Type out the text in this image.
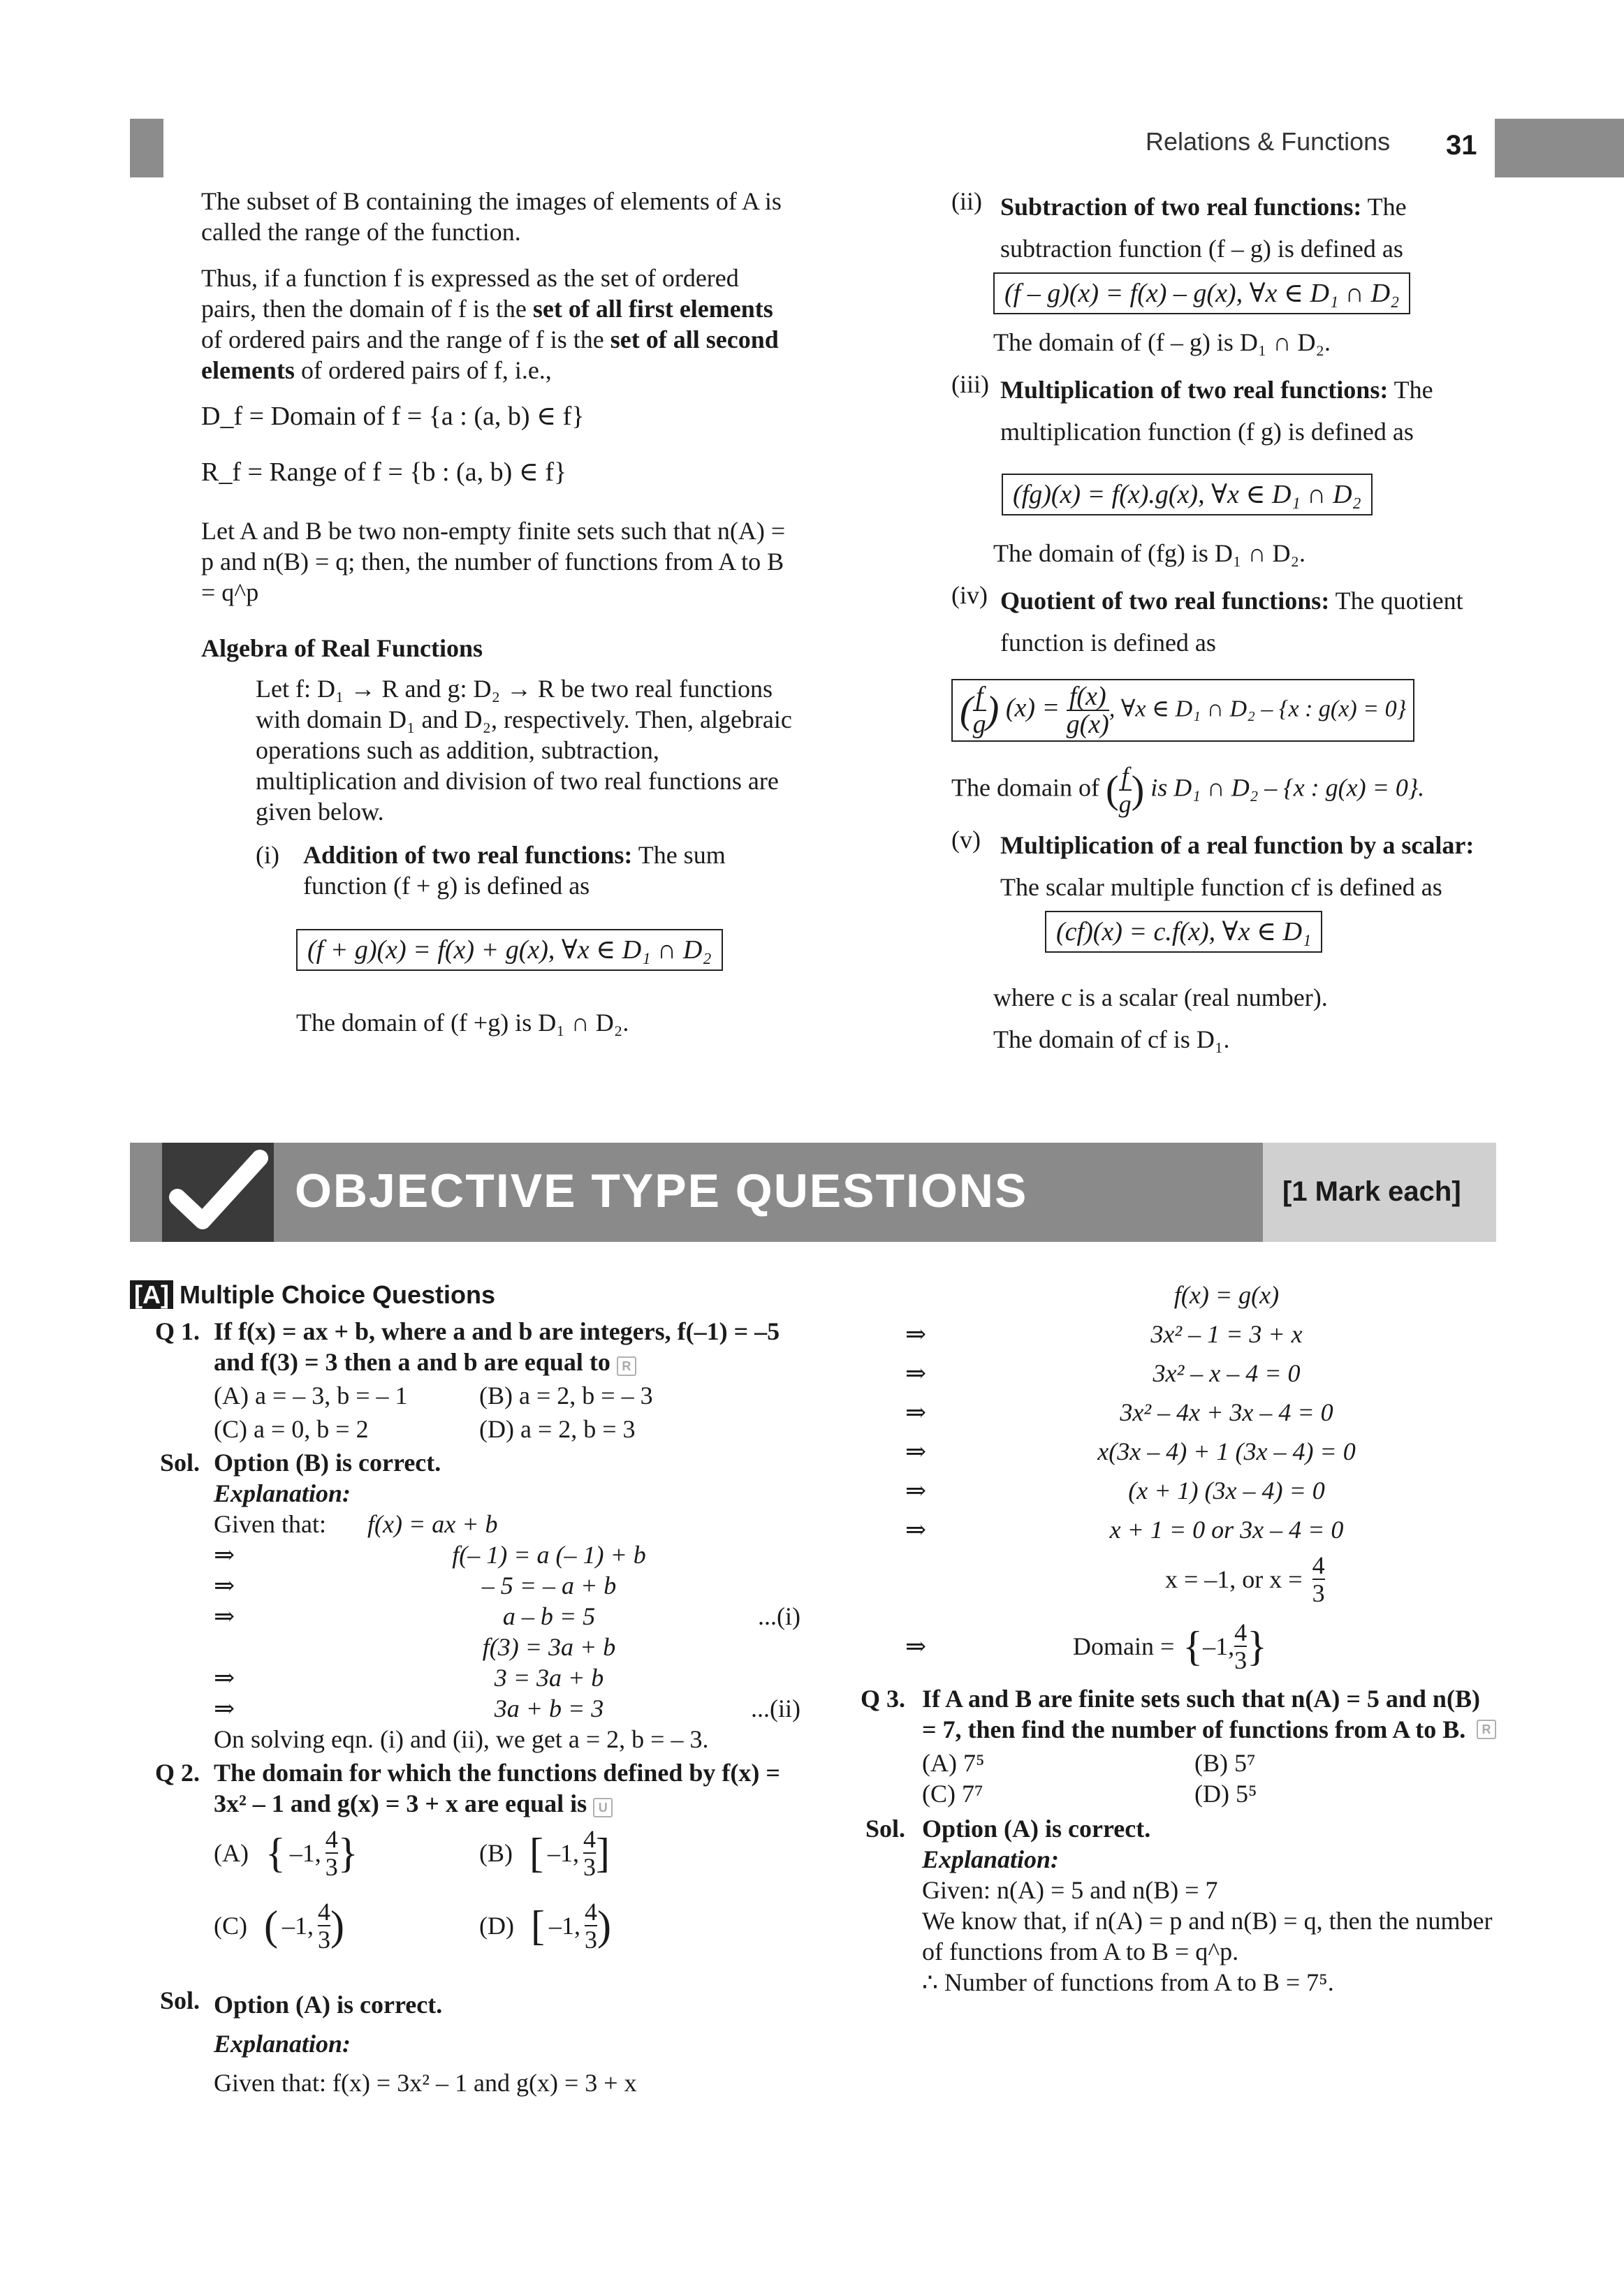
Relations & Functions 31

The subset of B containing the images of elements of A is called the range of the function.

Thus, if a function f is expressed as the set of ordered pairs, then the domain of f is the set of all first elements of ordered pairs and the range of f is the set of all second elements of ordered pairs of f, i.e.,

D_f = Domain of f = {a : (a, b) ∈ f}

R_f = Range of f = {b : (a, b) ∈ f}

Let A and B be two non-empty finite sets such that n(A) = p and n(B) = q; then, the number of functions from A to B = q^p

Algebra of Real Functions

Let f: D₁ → R and g: D₂ → R be two real functions with domain D₁ and D₂, respectively. Then, algebraic operations such as addition, subtraction, multiplication and division of two real functions are given below.

(i) Addition of two real functions: The sum function (f + g) is defined as
(f + g)(x) = f(x) + g(x), ∀x ∈ D₁ ∩ D₂

The domain of (f +g) is D₁ ∩ D₂.

(ii) Subtraction of two real functions: The subtraction function (f – g) is defined as
(f – g)(x) = f(x) – g(x), ∀x ∈ D₁ ∩ D₂

The domain of (f – g) is D₁ ∩ D₂.

(iii) Multiplication of two real functions: The multiplication function (f g) is defined as
(fg)(x) = f(x).g(x), ∀x ∈ D₁ ∩ D₂

The domain of (fg) is D₁ ∩ D₂.

(iv) Quotient of two real functions: The quotient function is defined as
( $\frac{f}{g}$ ) $(x) = \frac{f(x)}{g(x)}$ , ∀x ∈ D₁ ∩ D₂ – {x : g(x) = 0}

The domain of ( $\frac{f}{g}$ ) is D₁ ∩ D₂ – {x : g(x) = 0}.

(v) Multiplication of a real function by a scalar:

The scalar multiple function cf is defined as

(cf)(x) = c.f(x), ∀x ∈ D₁

where c is a scalar (real number).

The domain of cf is D₁.

OBJECTIVE TYPE QUESTIONS	[1 Mark each]
[A] Multiple Choice Questions
Q 1. If f(x) = ax + b, where a and b are integers, f(–1) = –5 and f(3) = 3 then a and b are equal to R

(A) a = – 3, b = – 1	(B) a = 2, b = – 3

(C) a = 0, b = 2	(D) a = 2, b = 3

Sol. Option (B) is correct.

Explanation:

Given that: f(x) = ax + b
⇒	f(– 1) = a (– 1) + b
⇒	– 5 = – a + b
⇒	a – b = 5	...(i)
f(3) = 3a + b
⇒	3 = 3a + b
⇒	3a + b = 3	...(ii)

On solving eqn. (i) and (ii), we get a = 2, b = – 3.

Q 2. The domain for which the functions defined by f(x) = 3x² – 1 and g(x) = 3 + x are equal is U

(A) { –1, $\frac{4}{3}$ }	(B) [ –1, $\frac{4}{3}$ ]
(C) ( –1, $\frac{4}{3}$ )	(D) [ –1, $\frac{4}{3}$ )
Sol. Option (A) is correct.

Explanation:

Given that: f(x) = 3x² – 1 and g(x) = 3 + x

f(x) = g(x)
⇒	3x² – 1 = 3 + x
⇒	3x² – x – 4 = 0
⇒	3x² – 4x + 3x – 4 = 0
⇒	x(3x – 4) + 1 (3x – 4) = 0
⇒	(x + 1) (3x – 4) = 0
⇒	x + 1 = 0 or 3x – 4 = 0
x = –1, or $x = \frac{4}{3}$
⇒	Domain = { –1, $\frac{4}{3}$ }
Q 3. If A and B are finite sets such that n(A) = 5 and n(B) = 7, then find the number of functions from A to B.	R

(A) 7⁵	(B) 5⁷

(C) 7⁷	(D) 5⁵

Sol. Option (A) is correct.

Explanation:

Given: n(A) = 5 and n(B) = 7

We know that, if n(A) = p and n(B) = q, then the number of functions from A to B = q^p.

∴ Number of functions from A to B = 7⁵.
